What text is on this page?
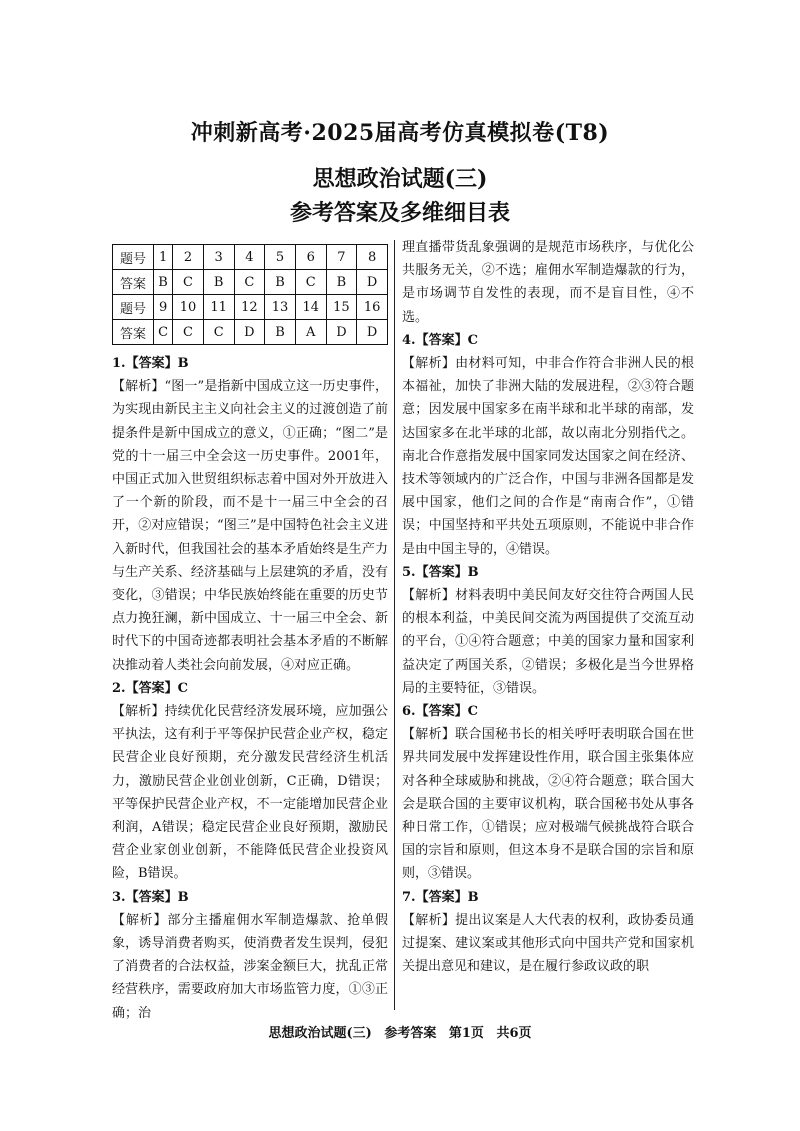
冲刺新高考·2025届高考仿真模拟卷(T8)
思想政治试题(三)
参考答案及多维细目表
题号	1	2	3	4	5	6	7	8
答案	B	C	B	C	B	C	B	D
题号	9	10	11	12	13	14	15	16
答案	C	C	C	D	B	A	D	D
1.【答案】B
【解析】“图一”是指新中国成立这一历史事件，为实现由新民主主义向社会主义的过渡创造了前提条件是新中国成立的意义，①正确；“图二”是党的十一届三中全会这一历史事件。2001年，中国正式加入世贸组织标志着中国对外开放进入了一个新的阶段，而不是十一届三中全会的召开，②对应错误；“图三”是中国特色社会主义进入新时代，但我国社会的基本矛盾始终是生产力与生产关系、经济基础与上层建筑的矛盾，没有变化，③错误；中华民族始终能在重要的历史节点力挽狂澜，新中国成立、十一届三中全会、新时代下的中国奇迹都表明社会基本矛盾的不断解决推动着人类社会向前发展，④对应正确。
2.【答案】C
【解析】持续优化民营经济发展环境，应加强公平执法，这有利于平等保护民营企业产权，稳定民营企业良好预期，充分激发民营经济生机活力，激励民营企业创业创新，C正确，D错误；平等保护民营企业产权，不一定能增加民营企业利润，A错误；稳定民营企业良好预期，激励民营企业家创业创新，不能降低民营企业投资风险，B错误。
3.【答案】B
【解析】部分主播雇佣水军制造爆款、抢单假象，诱导消费者购买，使消费者发生误判，侵犯了消费者的合法权益，涉案金额巨大，扰乱正常经营秩序，需要政府加大市场监管力度，①③正确；治
理直播带货乱象强调的是规范市场秩序，与优化公共服务无关，②不选；雇佣水军制造爆款的行为，是市场调节自发性的表现，而不是盲目性，④不选。
4.【答案】C
【解析】由材料可知，中非合作符合非洲人民的根本福祉，加快了非洲大陆的发展进程，②③符合题意；因发展中国家多在南半球和北半球的南部，发达国家多在北半球的北部，故以南北分别指代之。南北合作意指发展中国家同发达国家之间在经济、技术等领域内的广泛合作，中国与非洲各国都是发展中国家，他们之间的合作是“南南合作”，①错误；中国坚持和平共处五项原则，不能说中非合作是由中国主导的，④错误。
5.【答案】B
【解析】材料表明中美民间友好交往符合两国人民的根本利益，中美民间交流为两国提供了交流互动的平台，①④符合题意；中美的国家力量和国家利益决定了两国关系，②错误；多极化是当今世界格局的主要特征，③错误。
6.【答案】C
【解析】联合国秘书长的相关呼吁表明联合国在世界共同发展中发挥建设性作用，联合国主张集体应对各种全球威胁和挑战，②④符合题意；联合国大会是联合国的主要审议机构，联合国秘书处从事各种日常工作，①错误；应对极端气候挑战符合联合国的宗旨和原则，但这本身不是联合国的宗旨和原则，③错误。
7.【答案】B
【解析】提出议案是人大代表的权利，政协委员通过提案、建议案或其他形式向中国共产党和国家机关提出意见和建议，是在履行参政议政的职
思想政治试题(三) 参考答案 第1页 共6页
